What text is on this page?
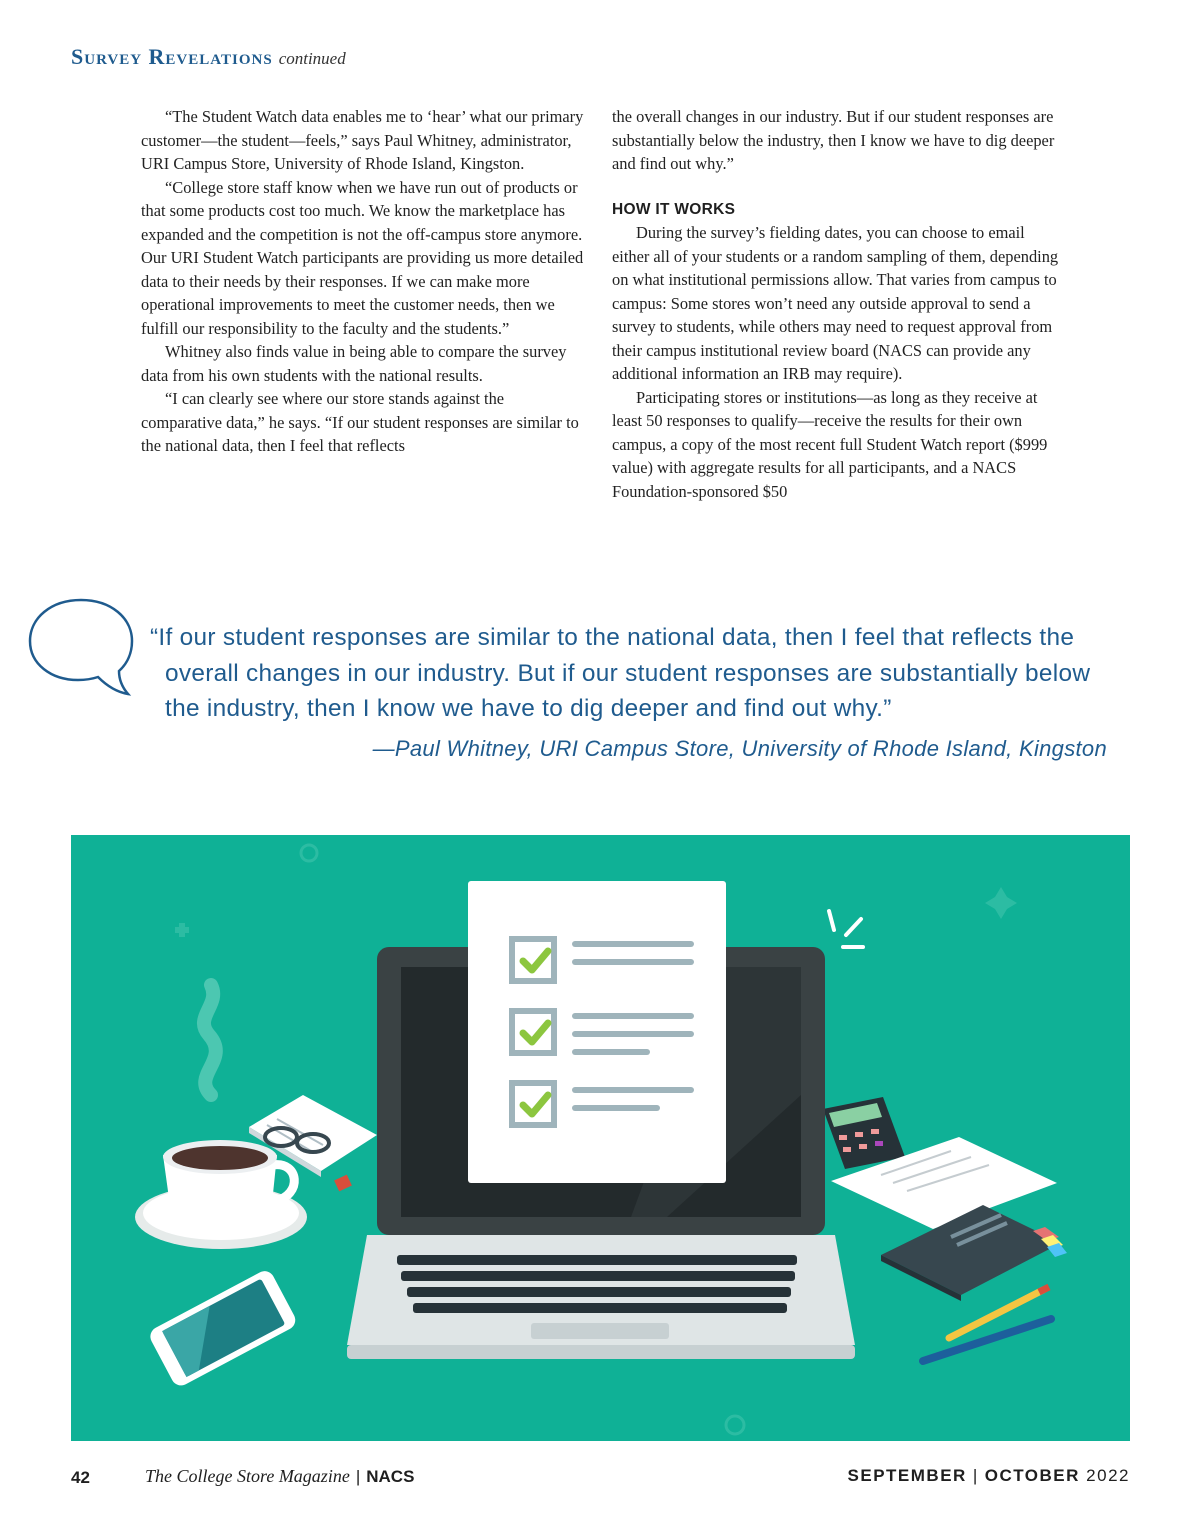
Survey Revelations continued

“The Student Watch data enables me to ‘hear’ what our primary customer—the student—feels,” says Paul Whitney, administrator, URI Campus Store, University of Rhode Island, Kingston.

“College store staff know when we have run out of products or that some products cost too much. We know the marketplace has expanded and the competition is not the off-campus store anymore. Our URI Student Watch participants are providing us more detailed data to their needs by their responses. If we can make more operational improvements to meet the customer needs, then we fulfill our responsibility to the faculty and the students.”

Whitney also finds value in being able to compare the survey data from his own students with the national results.

“I can clearly see where our store stands against the comparative data,” he says. “If our student responses are similar to the national data, then I feel that reflects

the overall changes in our industry. But if our student responses are substantially below the industry, then I know we have to dig deeper and find out why.”

HOW IT WORKS

During the survey’s fielding dates, you can choose to email either all of your students or a random sampling of them, depending on what institutional permissions allow. That varies from campus to campus: Some stores won’t need any outside approval to send a survey to students, while others may need to request approval from their campus institutional review board (NACS can provide any additional information an IRB may require).

Participating stores or institutions—as long as they receive at least 50 responses to qualify—receive the results for their own campus, a copy of the most recent full Student Watch report ($999 value) with aggregate results for all participants, and a NACS Foundation-sponsored $50

“If our student responses are similar to the national data, then I feel that reflects the overall changes in our industry. But if our student responses are substantially below the industry, then I know we have to dig deeper and find out why.”

—Paul Whitney, URI Campus Store, University of Rhode Island, Kingston

42	The College Store Magazine | NACS	SEPTEMBER | OCTOBER 2022
